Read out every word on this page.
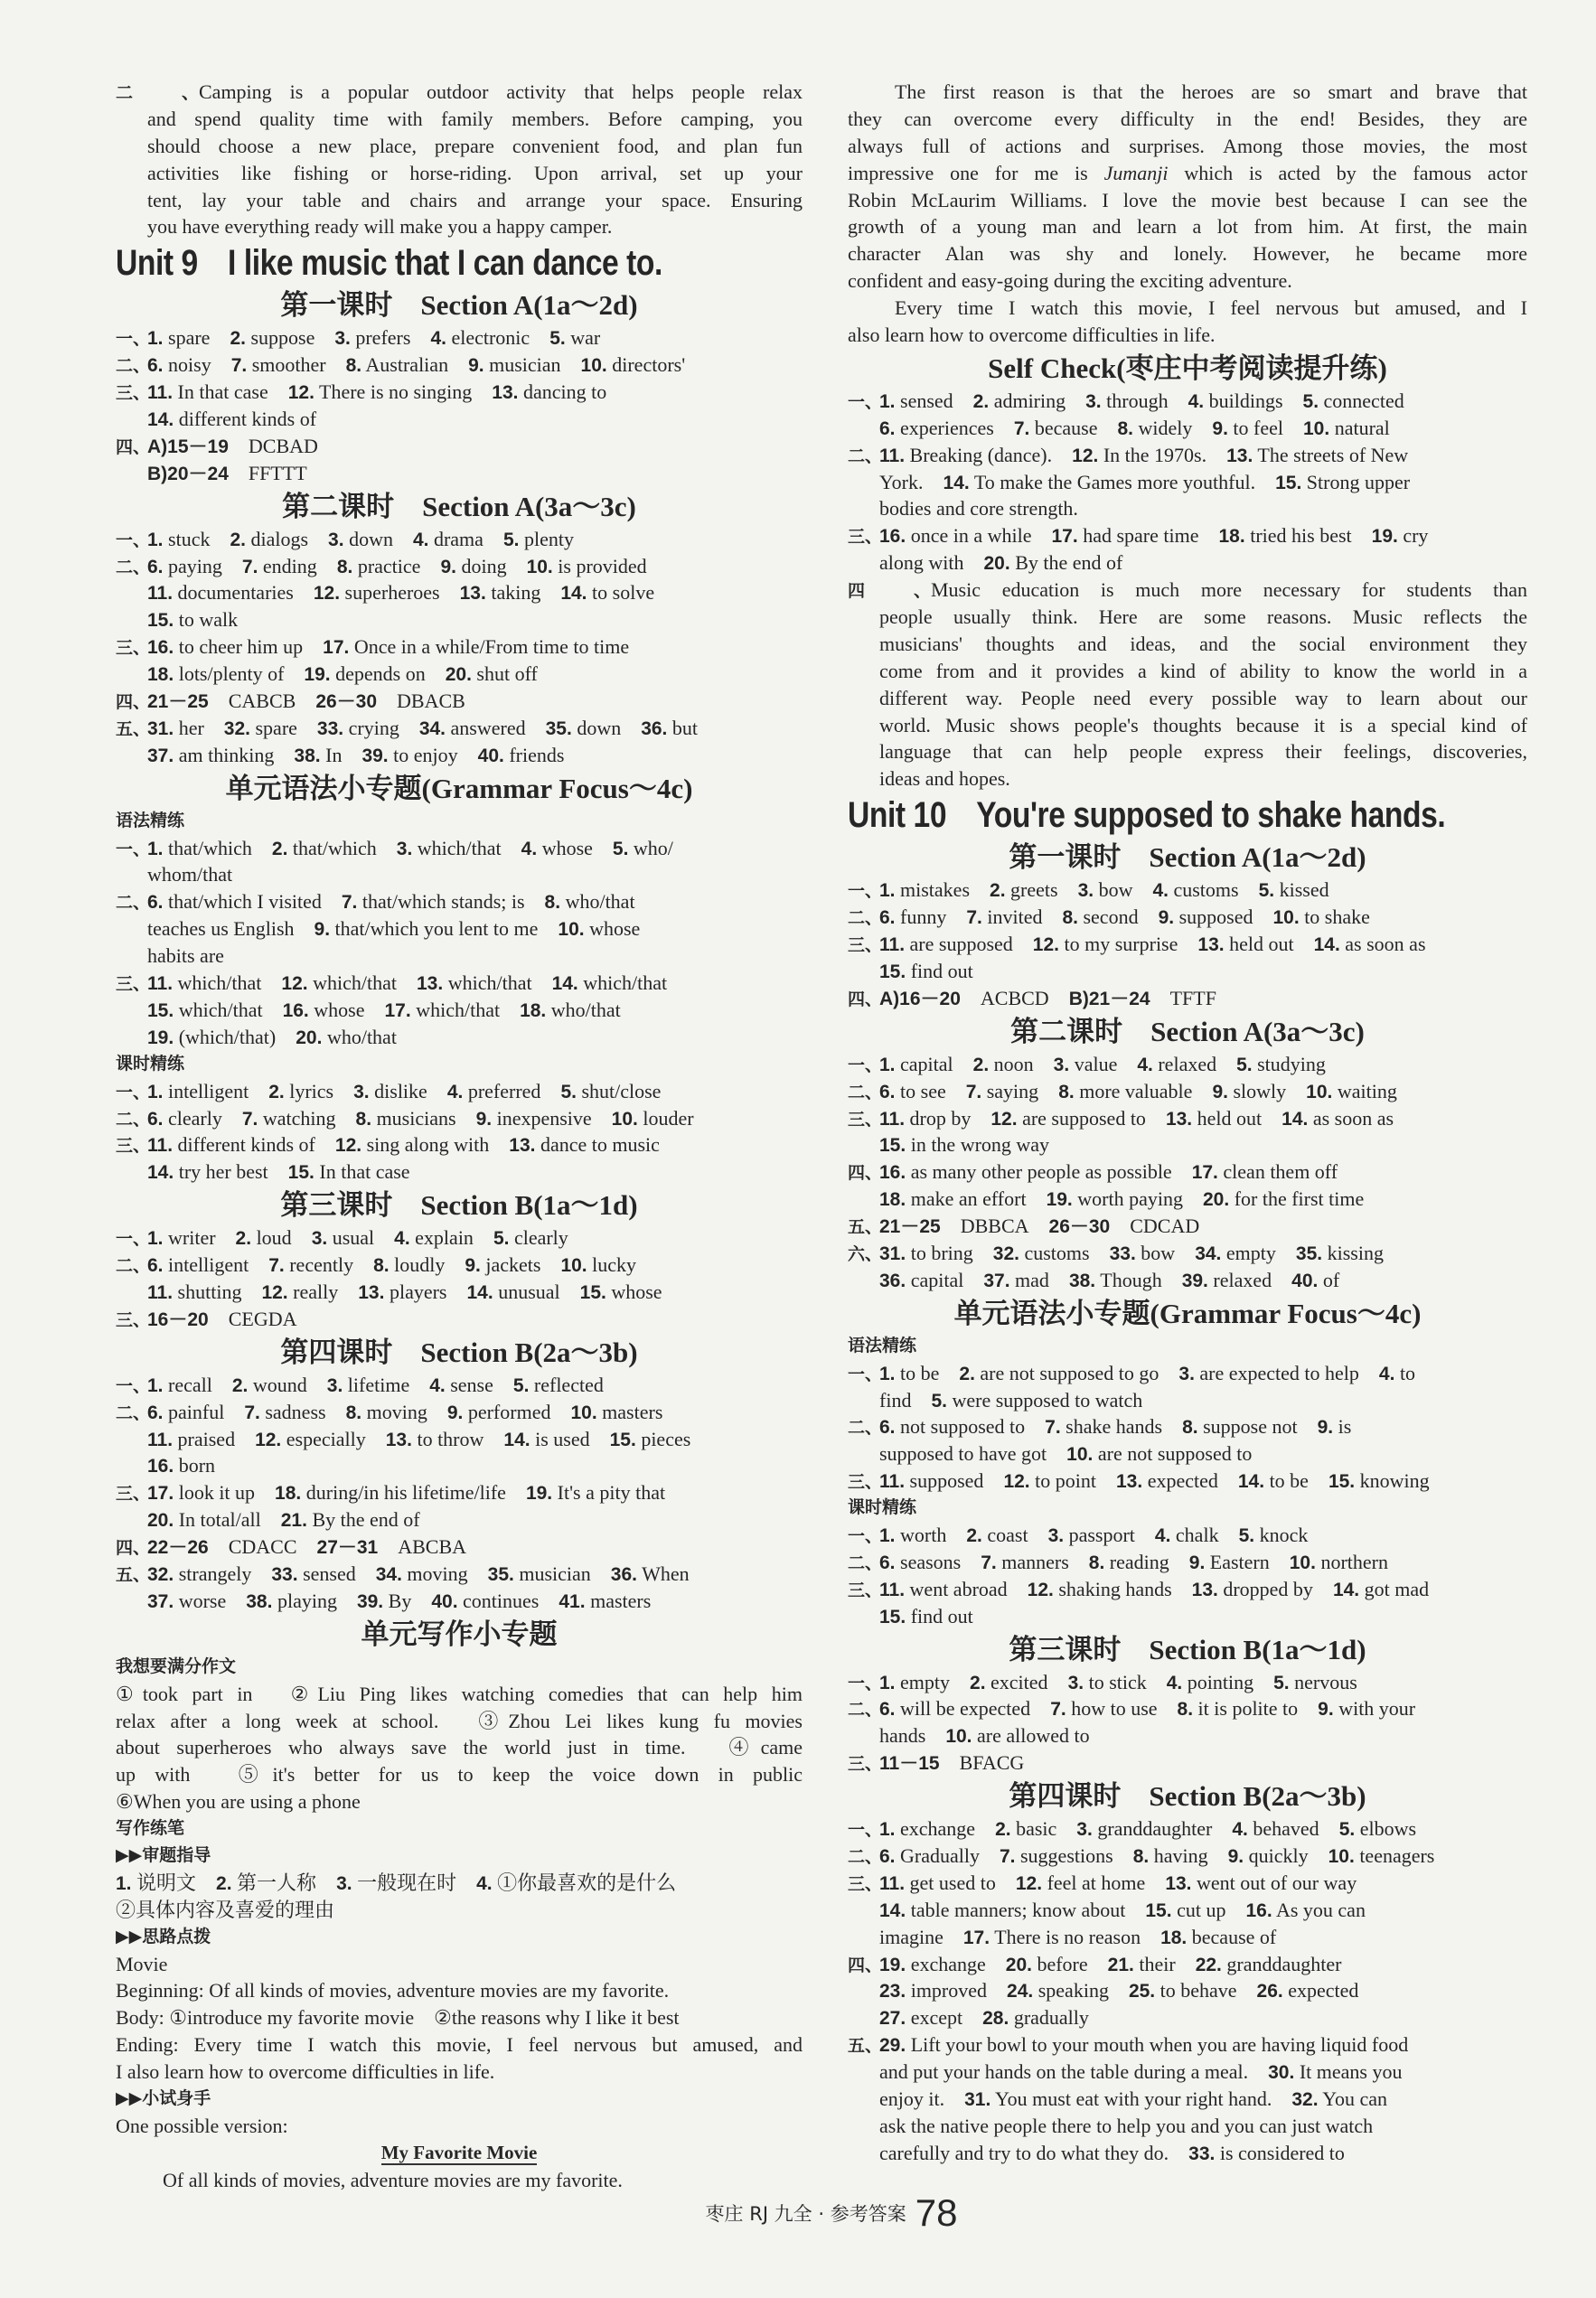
二、Camping is a popular outdoor activity that helps people relax
and spend quality time with family members. Before camping, you
should choose a new place, prepare convenient food, and plan fun
activities like fishing or horse-riding. Upon arrival, set up your
tent, lay your table and chairs and arrange your space. Ensuring
you have everything ready will make you a happy camper.
Unit 9　I like music that I can dance to.
第一课时　Section A(1a～2d)
一、1. spare 2. suppose 3. prefers 4. electronic 5. war
二、6. noisy 7. smoother 8. Australian 9. musician 10. directors'
三、11. In that case 12. There is no singing 13. dancing to
14. different kinds of
四、A)15－19 DCBAD
B)20－24 FFTTT
第二课时　Section A(3a～3c)
一、1. stuck 2. dialogs 3. down 4. drama 5. plenty
二、6. paying 7. ending 8. practice 9. doing 10. is provided
11. documentaries 12. superheroes 13. taking 14. to solve
15. to walk
三、16. to cheer him up 17. Once in a while/From time to time
18. lots/plenty of 19. depends on 20. shut off
四、21－25 CABCB 26－30 DBACB
五、31. her 32. spare 33. crying 34. answered 35. down 36. but
37. am thinking 38. In 39. to enjoy 40. friends
单元语法小专题(Grammar Focus～4c)
语法精练
一、1. that/which 2. that/which 3. which/that 4. whose 5. who/
whom/that
二、6. that/which I visited 7. that/which stands; is 8. who/that
teaches us English 9. that/which you lent to me 10. whose
habits are
三、11. which/that 12. which/that 13. which/that 14. which/that
15. which/that 16. whose 17. which/that 18. who/that
19. (which/that) 20. who/that
课时精练
一、1. intelligent 2. lyrics 3. dislike 4. preferred 5. shut/close
二、6. clearly 7. watching 8. musicians 9. inexpensive 10. louder
三、11. different kinds of 12. sing along with 13. dance to music
14. try her best 15. In that case
第三课时　Section B(1a～1d)
一、1. writer 2. loud 3. usual 4. explain 5. clearly
二、6. intelligent 7. recently 8. loudly 9. jackets 10. lucky
11. shutting 12. really 13. players 14. unusual 15. whose
三、16－20 CEGDA
第四课时　Section B(2a～3b)
一、1. recall 2. wound 3. lifetime 4. sense 5. reflected
二、6. painful 7. sadness 8. moving 9. performed 10. masters
11. praised 12. especially 13. to throw 14. is used 15. pieces
16. born
三、17. look it up 18. during/in his lifetime/life 19. It's a pity that
20. In total/all 21. By the end of
四、22－26 CDACC 27－31 ABCBA
五、32. strangely 33. sensed 34. moving 35. musician 36. When
37. worse 38. playing 39. By 40. continues 41. masters
单元写作小专题
我想要满分作文
①took part in　②Liu Ping likes watching comedies that can help him
relax after a long week at school.　③Zhou Lei likes kung fu movies
about superheroes who always save the world just in time.　④came
up with　⑤it's better for us to keep the voice down in public
⑥When you are using a phone
写作练笔
▶▶审题指导
1. 说明文 2. 第一人称 3. 一般现在时 4. ①你最喜欢的是什么
②具体内容及喜爱的理由
▶▶思路点拨
Movie
Beginning: Of all kinds of movies, adventure movies are my favorite.
Body: ①introduce my favorite movie　②the reasons why I like it best
Ending: Every time I watch this movie, I feel nervous but amused, and
I also learn how to overcome difficulties in life.
▶▶小试身手
One possible version:
My Favorite Movie
Of all kinds of movies, adventure movies are my favorite.
The first reason is that the heroes are so smart and brave that
they can overcome every difficulty in the end! Besides, they are
always full of actions and surprises. Among those movies, the most
impressive one for me is Jumanji which is acted by the famous actor
Robin McLaurim Williams. I love the movie best because I can see the
growth of a young man and learn a lot from him. At first, the main
character Alan was shy and lonely. However, he became more
confident and easy-going during the exciting adventure.
Every time I watch this movie, I feel nervous but amused, and I
also learn how to overcome difficulties in life.
Self Check(枣庄中考阅读提升练)
一、1. sensed 2. admiring 3. through 4. buildings 5. connected
6. experiences 7. because 8. widely 9. to feel 10. natural
二、11. Breaking (dance). 12. In the 1970s. 13. The streets of New
York. 14. To make the Games more youthful. 15. Strong upper
bodies and core strength.
三、16. once in a while 17. had spare time 18. tried his best 19. cry
along with 20. By the end of
四、Music education is much more necessary for students than
people usually think. Here are some reasons. Music reflects the
musicians' thoughts and ideas, and the social environment they
come from and it provides a kind of ability to know the world in a
different way. People need every possible way to learn about our
world. Music shows people's thoughts because it is a special kind of
language that can help people express their feelings, discoveries,
ideas and hopes.
Unit 10　You're supposed to shake hands.
第一课时　Section A(1a～2d)
一、1. mistakes 2. greets 3. bow 4. customs 5. kissed
二、6. funny 7. invited 8. second 9. supposed 10. to shake
三、11. are supposed 12. to my surprise 13. held out 14. as soon as
15. find out
四、A)16－20 ACBCD B)21－24 TFTF
第二课时　Section A(3a～3c)
一、1. capital 2. noon 3. value 4. relaxed 5. studying
二、6. to see 7. saying 8. more valuable 9. slowly 10. waiting
三、11. drop by 12. are supposed to 13. held out 14. as soon as
15. in the wrong way
四、16. as many other people as possible 17. clean them off
18. make an effort 19. worth paying 20. for the first time
五、21－25 DBBCA 26－30 CDCAD
六、31. to bring 32. customs 33. bow 34. empty 35. kissing
36. capital 37. mad 38. Though 39. relaxed 40. of
单元语法小专题(Grammar Focus～4c)
语法精练
一、1. to be 2. are not supposed to go 3. are expected to help 4. to
find 5. were supposed to watch
二、6. not supposed to 7. shake hands 8. suppose not 9. is
supposed to have got 10. are not supposed to
三、11. supposed 12. to point 13. expected 14. to be 15. knowing
课时精练
一、1. worth 2. coast 3. passport 4. chalk 5. knock
二、6. seasons 7. manners 8. reading 9. Eastern 10. northern
三、11. went abroad 12. shaking hands 13. dropped by 14. got mad
15. find out
第三课时　Section B(1a～1d)
一、1. empty 2. excited 3. to stick 4. pointing 5. nervous
二、6. will be expected 7. how to use 8. it is polite to 9. with your
hands 10. are allowed to
三、11－15 BFACG
第四课时　Section B(2a～3b)
一、1. exchange 2. basic 3. granddaughter 4. behaved 5. elbows
二、6. Gradually 7. suggestions 8. having 9. quickly 10. teenagers
三、11. get used to 12. feel at home 13. went out of our way
14. table manners; know about 15. cut up 16. As you can
imagine 17. There is no reason 18. because of
四、19. exchange 20. before 21. their 22. granddaughter
23. improved 24. speaking 25. to behave 26. expected
27. except 28. gradually
五、29. Lift your bowl to your mouth when you are having liquid food
and put your hands on the table during a meal. 30. It means you
enjoy it. 31. You must eat with your right hand. 32. You can
ask the native people there to help you and you can just watch
carefully and try to do what they do. 33. is considered to
枣庄 RJ 九全 · 参考答案 78
